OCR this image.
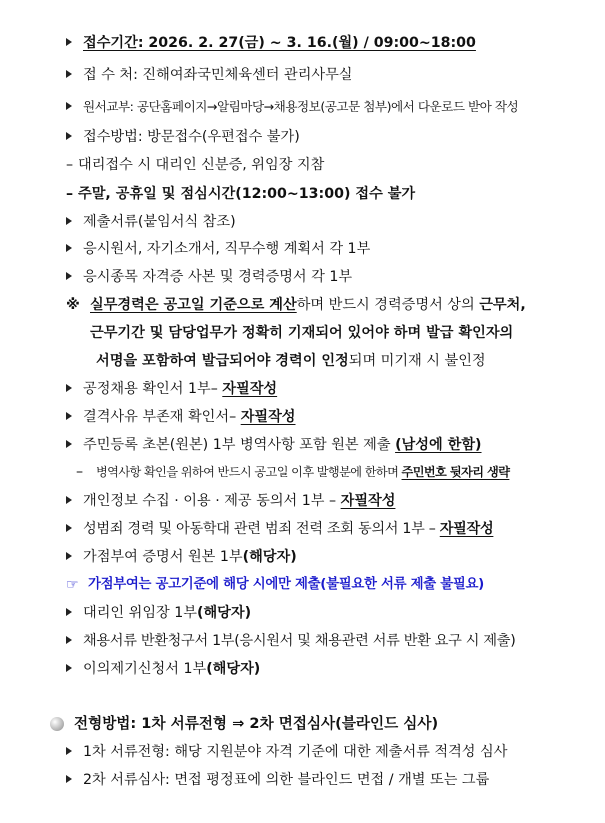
접수기간: 2026. 2. 27(금) ~ 3. 16.(월) / 09:00~18:00
접 수 처: 진해여좌국민체육센터 관리사무실
원서교부: 공단홈페이지→알림마당→채용정보(공고문 첨부)에서 다운로드 받아 작성
접수방법: 방문접수(우편접수 불가)
– 대리접수 시 대리인 신분증, 위임장 지참
– 주말, 공휴일 및 점심시간(12:00~13:00) 접수 불가
제출서류(붙임서식 참조)
응시원서, 자기소개서, 직무수행 계획서 각 1부
응시종목 자격증 사본 및 경력증명서 각 1부
※ 실무경력은 공고일 기준으로 계산하며 반드시 경력증명서 상의 근무처,
근무기간 및 담당업무가 정확히 기재되어 있어야 하며 발급 확인자의
서명을 포함하여 발급되어야 경력이 인정되며 미기재 시 불인정
공정채용 확인서 1부– 자필작성
결격사유 부존재 확인서– 자필작성
주민등록 초본(원본) 1부 병역사항 포함 원본 제출 (남성에 한함)
– 병역사항 확인을 위하여 반드시 공고일 이후 발행분에 한하며 주민번호 뒷자리 생략
개인정보 수집 · 이용 · 제공 동의서 1부 – 자필작성
성범죄 경력 및 아동학대 관련 범죄 전력 조회 동의서 1부 – 자필작성
가점부여 증명서 원본 1부(해당자)
☞ 가점부여는 공고기준에 해당 시에만 제출(불필요한 서류 제출 불필요)
대리인 위임장 1부(해당자)
채용서류 반환청구서 1부(응시원서 및 채용관련 서류 반환 요구 시 제출)
이의제기신청서 1부(해당자)
전형방법: 1차 서류전형 ⇒ 2차 면접심사(블라인드 심사)
1차 서류전형: 해당 지원분야 자격 기준에 대한 제출서류 적격성 심사
2차 서류심사: 면접 평정표에 의한 블라인드 면접 / 개별 또는 그룹
